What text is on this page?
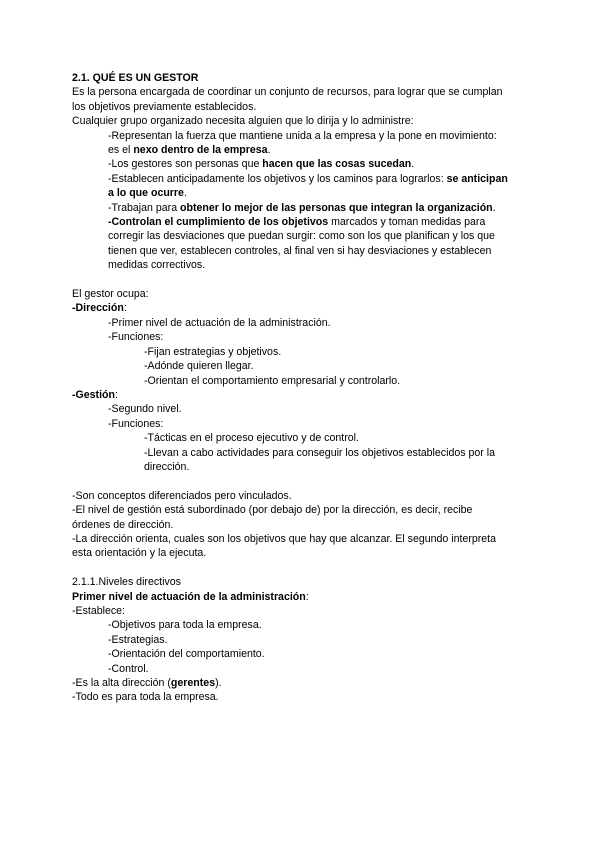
2.1. QUÉ ES UN GESTOR
Es la persona encargada de coordinar un conjunto de recursos, para lograr que se cumplan
los objetivos previamente establecidos.
Cualquier grupo organizado necesita alguien que lo dirija y lo administre:
-Representan la fuerza que mantiene unida a la empresa y la pone en movimiento:
es el nexo dentro de la empresa.
-Los gestores son personas que hacen que las cosas sucedan.
-Establecen anticipadamente los objetivos y los caminos para lograrlos: se anticipan
a lo que ocurre.
-Trabajan para obtener lo mejor de las personas que integran la organización.
-Controlan el cumplimiento de los objetivos marcados y toman medidas para
corregir las desviaciones que puedan surgir: como son los que planifican y los que
tienen que ver, establecen controles, al final ven si hay desviaciones y establecen
medidas correctivos.
El gestor ocupa:
-Dirección:
-Primer nivel de actuación de la administración.
-Funciones:
-Fijan estrategias y objetivos.
-Adónde quieren llegar.
-Orientan el comportamiento empresarial y controlarlo.
-Gestión:
-Segundo nivel.
-Funciones:
-Tácticas en el proceso ejecutivo y de control.
-Llevan a cabo actividades para conseguir los objetivos establecidos por la
dirección.
-Son conceptos diferenciados pero vinculados.
-El nivel de gestión está subordinado (por debajo de) por la dirección, es decir, recibe
órdenes de dirección.
-La dirección orienta, cuales son los objetivos que hay que alcanzar. El segundo interpreta
esta orientación y la ejecuta.
2.1.1.Niveles directivos
Primer nivel de actuación de la administración:
-Establece:
-Objetivos para toda la empresa.
-Estrategias.
-Orientación del comportamiento.
-Control.
-Es la alta dirección (gerentes).
-Todo es para toda la empresa.
